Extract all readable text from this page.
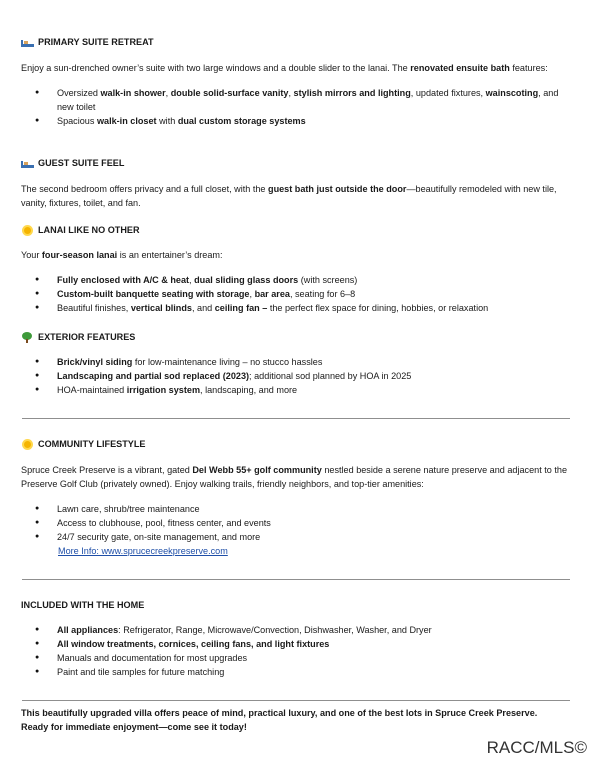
PRIMARY SUITE RETREAT

Enjoy a sun-drenched owner’s suite with two large windows and a double slider to the lanai. The renovated ensuite bath features:

● Oversized walk-in shower, double solid-surface vanity, stylish mirrors and lighting, updated fixtures, wainscoting, and new toilet
● Spacious walk-in closet with dual custom storage systems
GUEST SUITE FEEL

The second bedroom offers privacy and a full closet, with the guest bath just outside the door—beautifully remodeled with new tile, vanity, fixtures, toilet, and fan.

LANAI LIKE NO OTHER

Your four-season lanai is an entertainer’s dream:

● Fully enclosed with A/C & heat, dual sliding glass doors (with screens)
● Custom-built banquette seating with storage, bar area, seating for 6–8
● Beautiful finishes, vertical blinds, and ceiling fan – the perfect flex space for dining, hobbies, or relaxation
EXTERIOR FEATURES
● Brick/vinyl siding for low-maintenance living – no stucco hassles
● Landscaping and partial sod replaced (2023); additional sod planned by HOA in 2025
● HOA-maintained irrigation system, landscaping, and more
COMMUNITY LIFESTYLE

Spruce Creek Preserve is a vibrant, gated Del Webb 55+ golf community nestled beside a serene nature preserve and adjacent to the Preserve Golf Club (privately owned). Enjoy walking trails, friendly neighbors, and top-tier amenities:

● Lawn care, shrub/tree maintenance
● Access to clubhouse, pool, fitness center, and events
● 24/7 security gate, on-site management, and more
More Info: www.sprucecreekpreserve.com
INCLUDED WITH THE HOME
● All appliances: Refrigerator, Range, Microwave/Convection, Dishwasher, Washer, and Dryer
● All window treatments, cornices, ceiling fans, and light fixtures
● Manuals and documentation for most upgrades
● Paint and tile samples for future matching

This beautifully upgraded villa offers peace of mind, practical luxury, and one of the best lots in Spruce Creek Preserve.

Ready for immediate enjoyment—come see it today!

RACC/MLS©
